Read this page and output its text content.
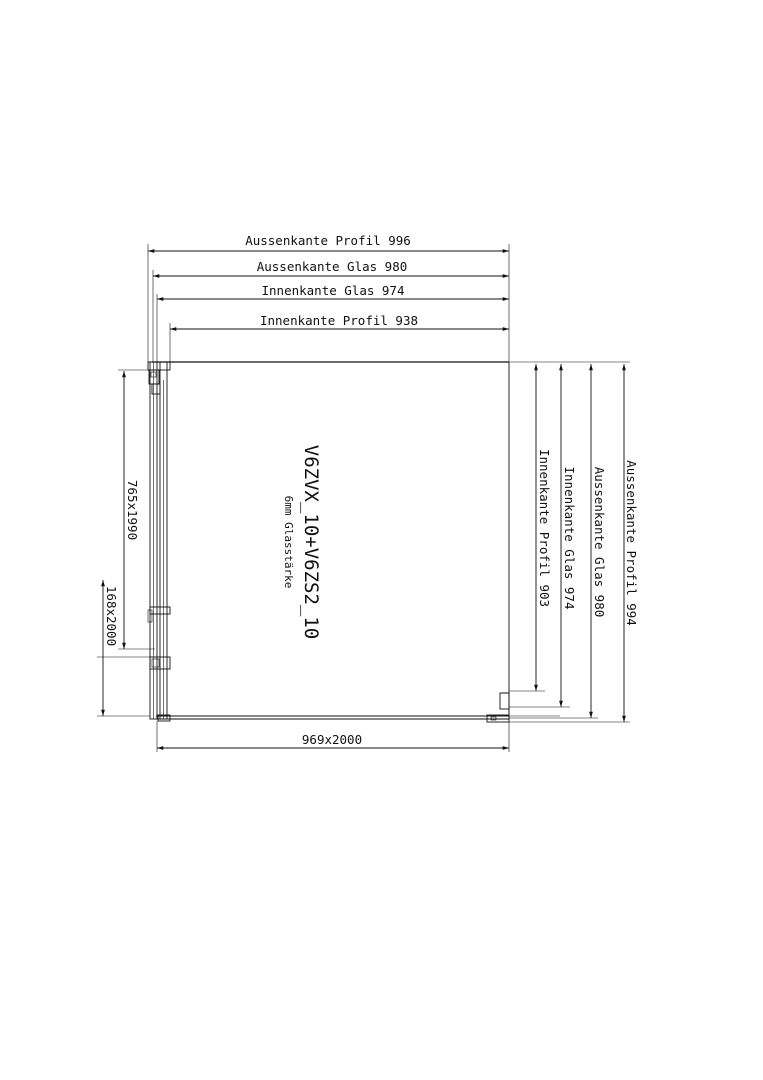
Aussenkante Profil 996
Aussenkante Glas 980
Innenkante Glas 974
Innenkante Profil 938
Innenkante Profil 903 Innenkante Glas 974 Aussenkante Glas 980 Aussenkante Profil 994
765x1990
168x2000
969x2000
V6ZVX_10+V6ZS2_10
6mm Glasstärke
